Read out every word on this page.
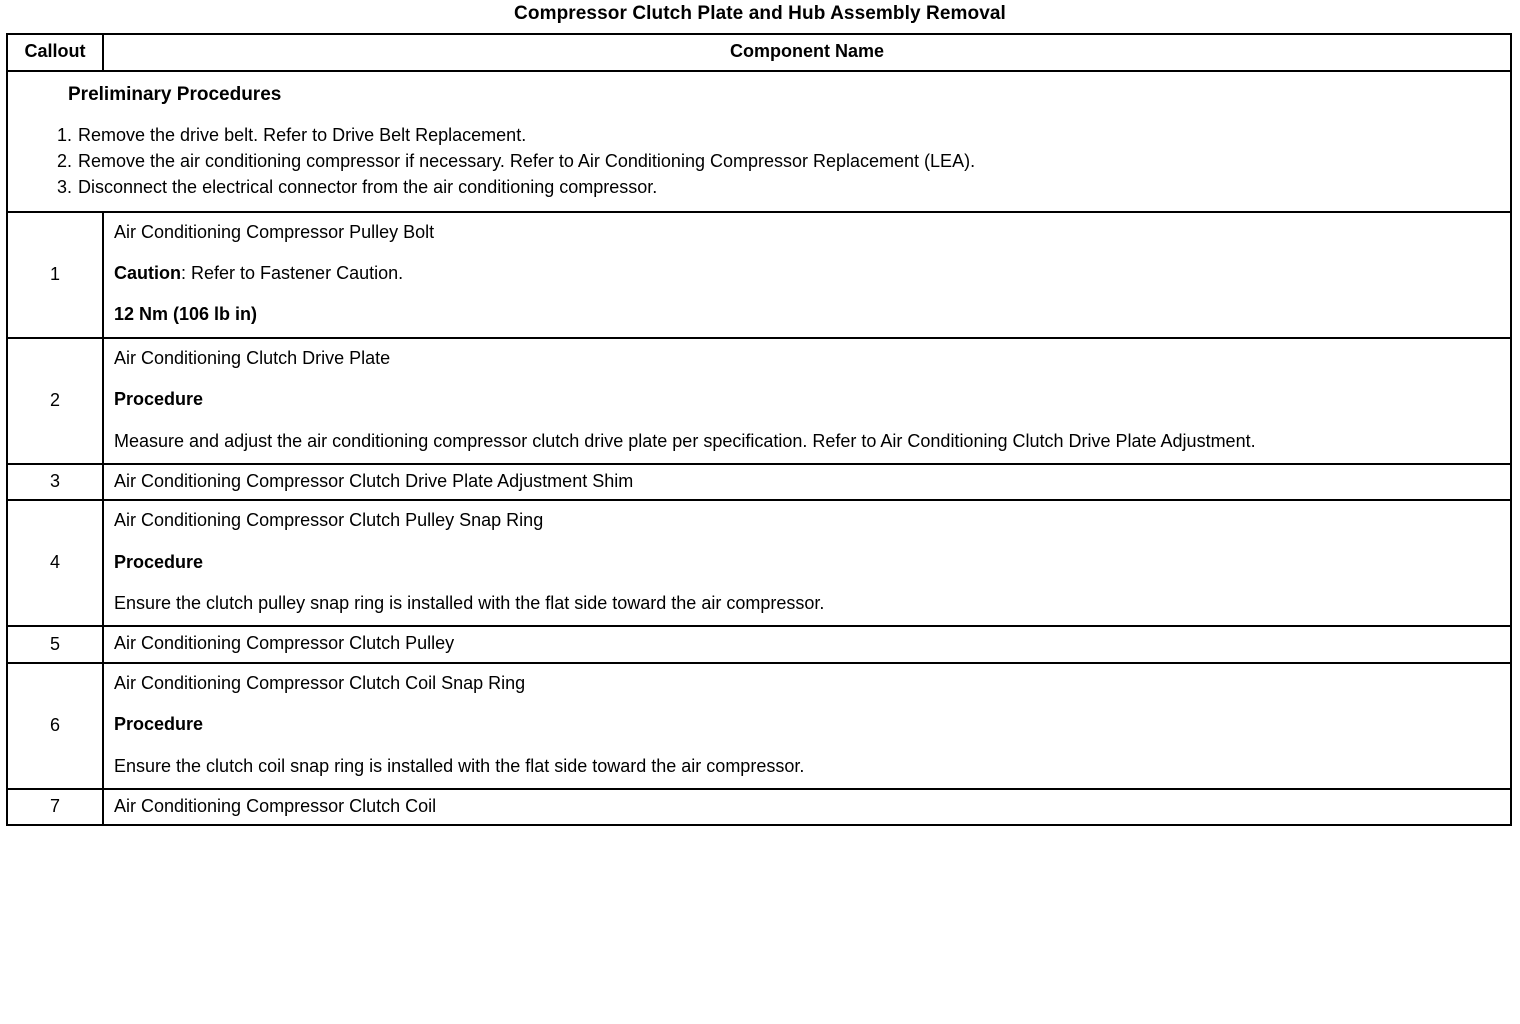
Compressor Clutch Plate and Hub Assembly Removal
Callout	Component Name

Preliminary Procedures
Remove the drive belt. Refer to Drive Belt Replacement.
Remove the air conditioning compressor if necessary. Refer to Air Conditioning Compressor Replacement (LEA).
Disconnect the electrical connector from the air conditioning compressor.

1	Air Conditioning Compressor Pulley Bolt

Caution: Refer to Fastener Caution.

12 Nm (106 lb in)

2	Air Conditioning Clutch Drive Plate

Procedure

Measure and adjust the air conditioning compressor clutch drive plate per specification. Refer to Air Conditioning Clutch Drive Plate Adjustment.

3	Air Conditioning Compressor Clutch Drive Plate Adjustment Shim

4	Air Conditioning Compressor Clutch Pulley Snap Ring

Procedure

Ensure the clutch pulley snap ring is installed with the flat side toward the air compressor.

5	Air Conditioning Compressor Clutch Pulley

6	Air Conditioning Compressor Clutch Coil Snap Ring

Procedure

Ensure the clutch coil snap ring is installed with the flat side toward the air compressor.

7	Air Conditioning Compressor Clutch Coil
